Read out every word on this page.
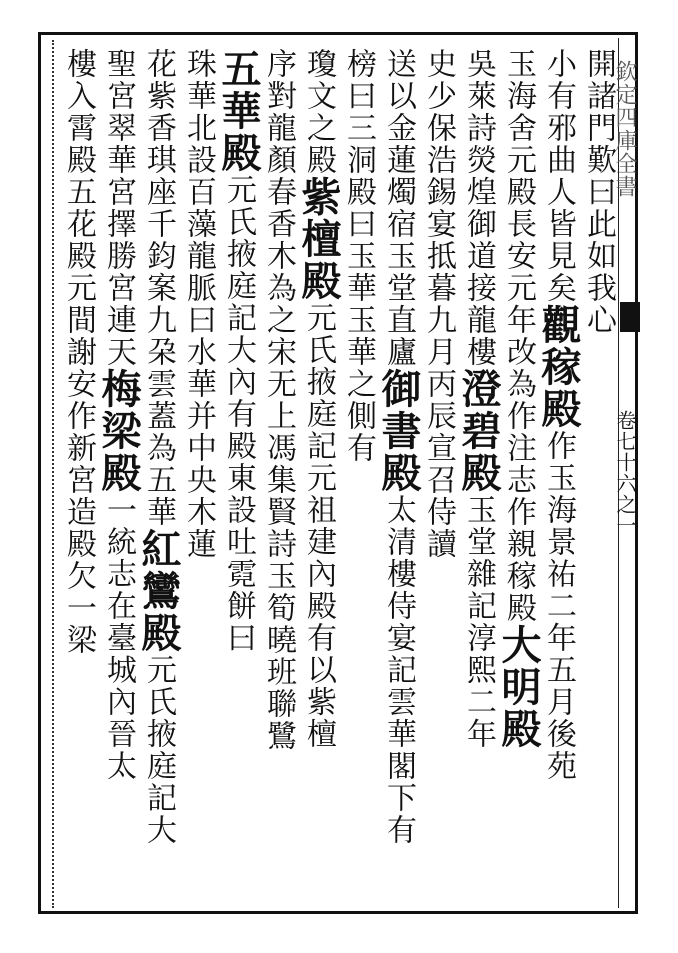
欽定四庫全書
卷七十六之一
開諸門歎曰此如我心
小有邪曲人皆見矣觀稼殿作玉海景祐二年五月後苑
玉海舍元殿長安元年改為作注志作親稼殿大明殿
吳萊詩熒煌御道接龍樓澄碧殿玉堂雜記淳熙二年
史少保浩錫宴抵暮九月丙辰宣召侍讀
送以金蓮燭宿玉堂直廬御書殿太清樓侍宴記雲華閣下有
榜曰三洞殿曰玉華玉華之側有
瓊文之殿紫檀殿元氏掖庭記元祖建內殿有以紫檀
序對龍顏春香木為之宋无上馮集賢詩玉筍曉班聯鷺
五華殿元氏掖庭記大內有殿東設吐霓餅曰
珠華北設百藻龍脈曰水華并中央木蓮
花紫香琪座千鈞案九朶雲蓋為五華紅鸞殿元氏掖庭記大
聖宮翠華宮擇勝宮連天梅梁殿一統志在臺城內晉太
樓入霄殿五花殿元間謝安作新宮造殿欠一梁
